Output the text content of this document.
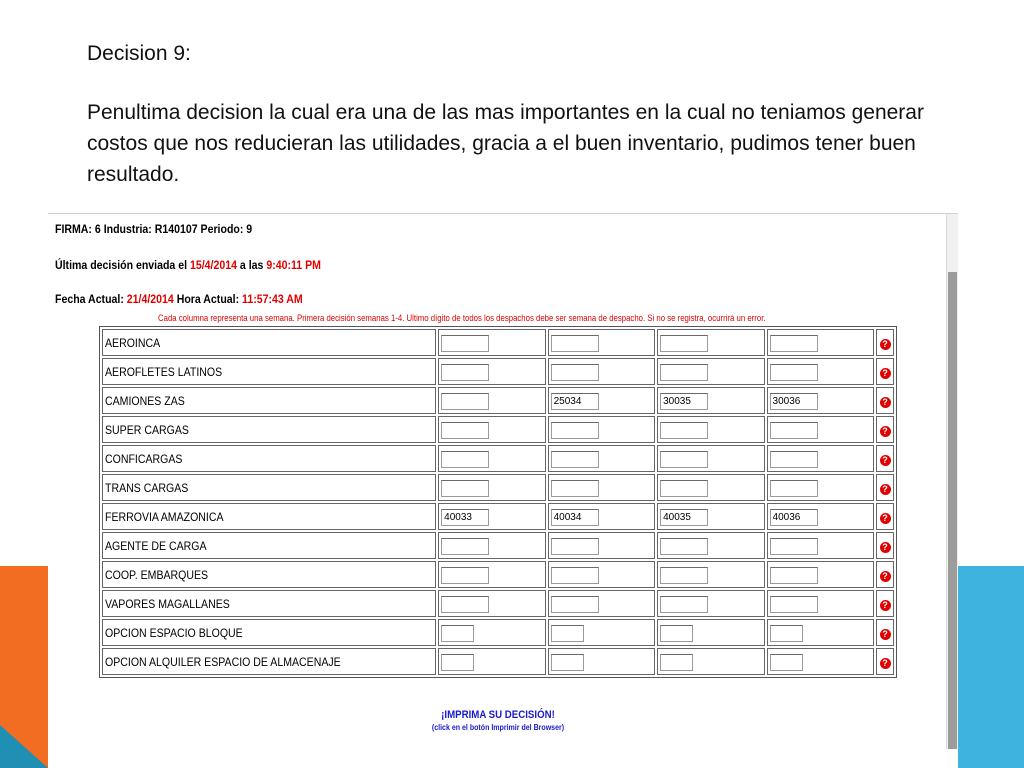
Decision 9:

Penultima decision la cual era una de las mas importantes en la cual no teniamos generar costos que nos reducieran las utilidades, gracia a el buen inventario, pudimos tener buen resultado.

FIRMA: 6 Industria: R140107 Periodo: 9
Última decisión enviada el 15/4/2014 a las 9:40:11 PM
Fecha Actual: 21/4/2014 Hora Actual: 11:57:43 AM
Cada columna representa una semana. Primera decisión semanas 1-4. Ultimo dígito de todos los despachos debe ser semana de despacho. Si no se registra, ocurrirá un error.
AEROINCA					?
AEROFLETES LATINOS					?
CAMIONES ZAS		25034	30035	30036	?
SUPER CARGAS					?
CONFICARGAS					?
TRANS CARGAS					?
FERROVIA AMAZONICA	40033	40034	40035	40036	?
AGENTE DE CARGA					?
COOP. EMBARQUES					?
VAPORES MAGALLANES					?
OPCION ESPACIO BLOQUE					?
OPCION ALQUILER ESPACIO DE ALMACENAJE					?
¡IMPRIMA SU DECISIÓN!
(click en el botón Imprimir del Browser)
